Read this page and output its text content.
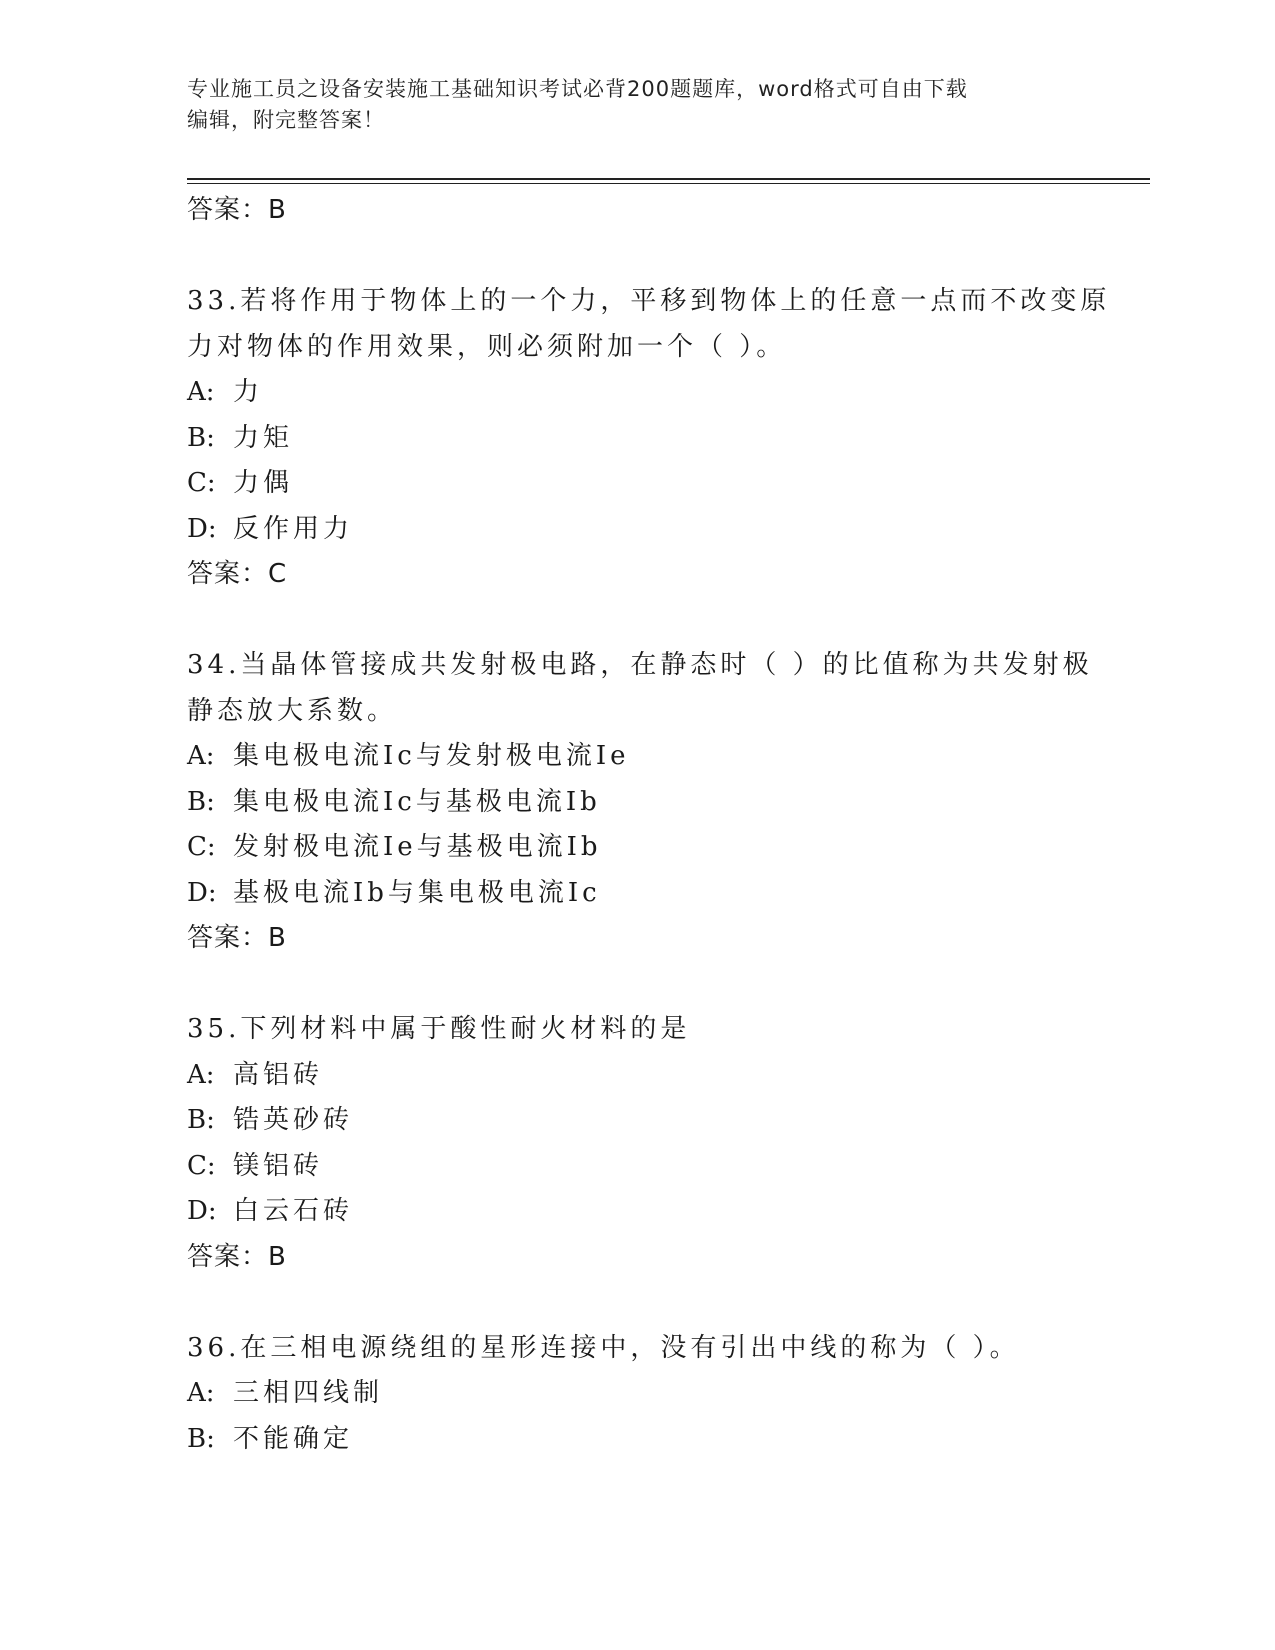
专业施工员之设备安装施工基础知识考试必背200题题库，word格式可自由下载
编辑，附完整答案！
答案：B
33.若将作用于物体上的一个力，平移到物体上的任意一点而不改变原
力对物体的作用效果，则必须附加一个（ ）。
A: 力
B: 力矩
C: 力偶
D: 反作用力
答案：C
34.当晶体管接成共发射极电路，在静态时（ ）的比值称为共发射极
静态放大系数。
A: 集电极电流Ic与发射极电流Ie
B: 集电极电流Ic与基极电流Ib
C: 发射极电流Ie与基极电流Ib
D: 基极电流Ib与集电极电流Ic
答案：B
35.下列材料中属于酸性耐火材料的是
A: 高铝砖
B: 锆英砂砖
C: 镁铝砖
D: 白云石砖
答案：B
36.在三相电源绕组的星形连接中，没有引出中线的称为（ ）。
A: 三相四线制
B: 不能确定
